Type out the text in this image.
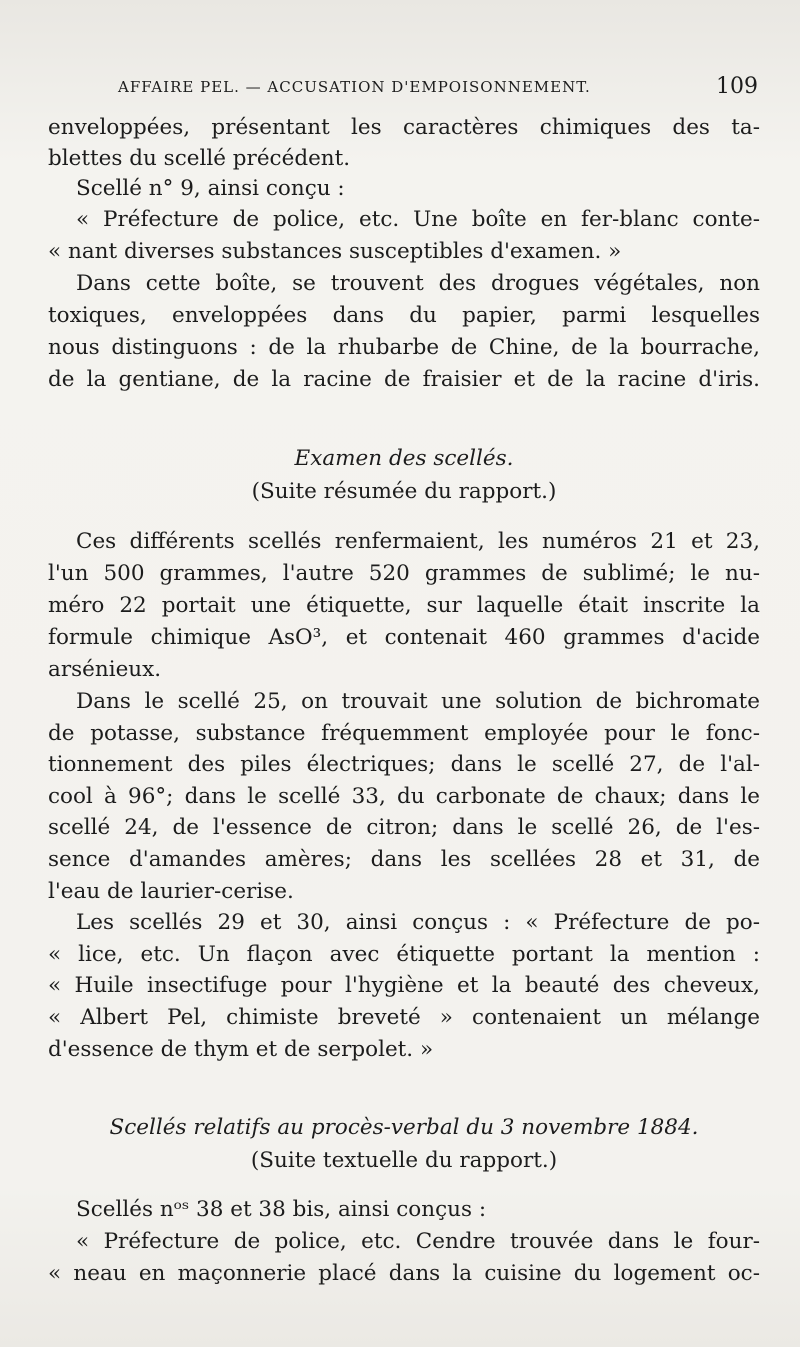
AFFAIRE PEL. — ACCUSATION D'EMPOISONNEMENT.	109
enveloppées, présentant les caractères chimiques des ta-
blettes du scellé précédent.
Scellé n° 9, ainsi conçu :
« Préfecture de police, etc. Une boîte en fer-blanc conte-
« nant diverses substances susceptibles d'examen. »
Dans cette boîte, se trouvent des drogues végétales, non
toxiques, enveloppées dans du papier, parmi lesquelles
nous distinguons : de la rhubarbe de Chine, de la bourrache,
de la gentiane, de la racine de fraisier et de la racine d'iris.
Examen des scellés.
(Suite résumée du rapport.)
Ces différents scellés renfermaient, les numéros 21 et 23,
l'un 500 grammes, l'autre 520 grammes de sublimé; le nu-
méro 22 portait une étiquette, sur laquelle était inscrite la
formule chimique AsO³, et contenait 460 grammes d'acide
arsénieux.
Dans le scellé 25, on trouvait une solution de bichromate
de potasse, substance fréquemment employée pour le fonc-
tionnement des piles électriques; dans le scellé 27, de l'al-
cool à 96°; dans le scellé 33, du carbonate de chaux; dans le
scellé 24, de l'essence de citron; dans le scellé 26, de l'es-
sence d'amandes amères; dans les scellées 28 et 31, de
l'eau de laurier-cerise.
Les scellés 29 et 30, ainsi conçus : « Préfecture de po-
« lice, etc. Un flaçon avec étiquette portant la mention :
« Huile insectifuge pour l'hygiène et la beauté des cheveux,
« Albert Pel, chimiste breveté » contenaient un mélange
d'essence de thym et de serpolet. »
Scellés relatifs au procès-verbal du 3 novembre 1884.
(Suite textuelle du rapport.)
Scellés nᵒˢ 38 et 38 bis, ainsi conçus :
« Préfecture de police, etc. Cendre trouvée dans le four-
« neau en maçonnerie placé dans la cuisine du logement oc-
